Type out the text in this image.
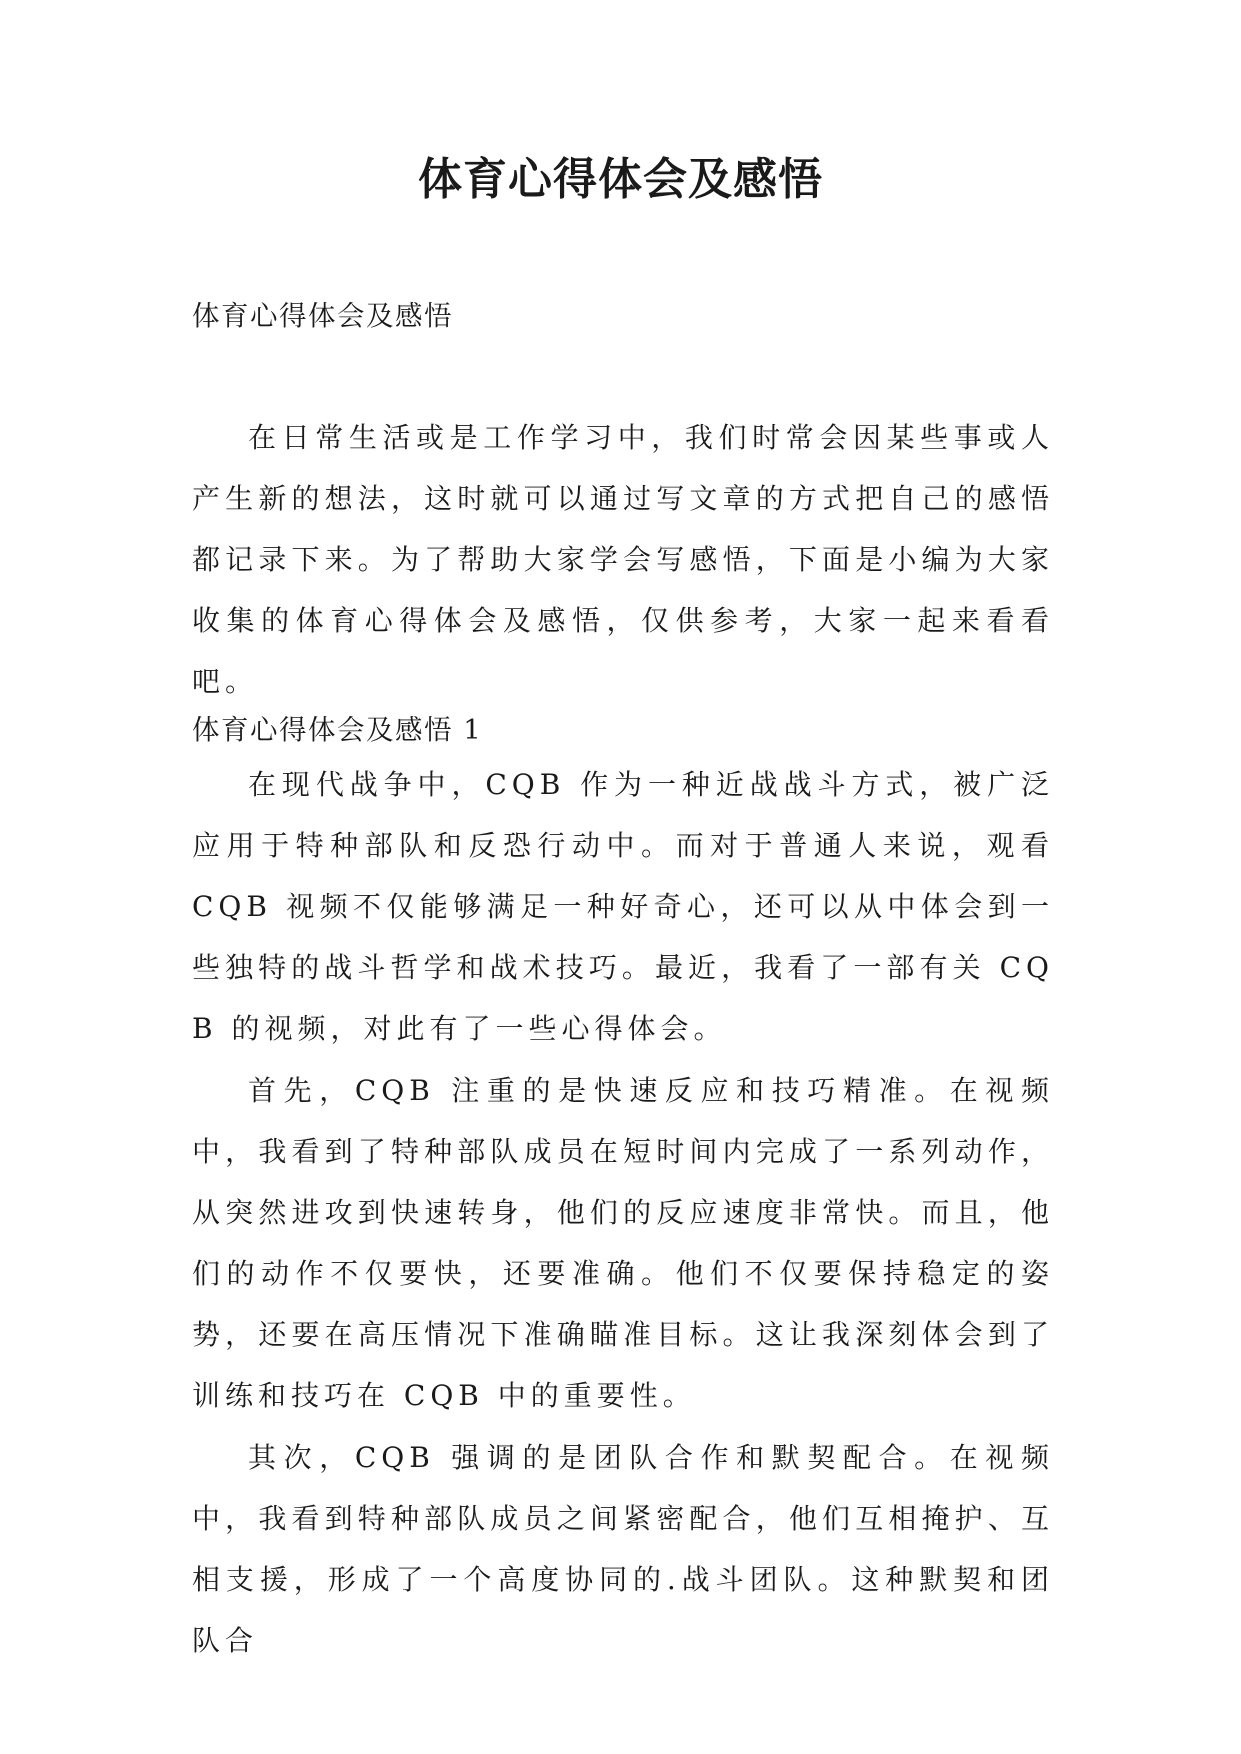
体育心得体会及感悟

体育心得体会及感悟

在日常生活或是工作学习中，我们时常会因某些事或人产生新的想法，这时就可以通过写文章的方式把自己的感悟都记录下来。为了帮助大家学会写感悟，下面是小编为大家收集的体育心得体会及感悟，仅供参考，大家一起来看看吧。

体育心得体会及感悟 1

在现代战争中，CQB 作为一种近战战斗方式，被广泛应用于特种部队和反恐行动中。而对于普通人来说，观看 CQB 视频不仅能够满足一种好奇心，还可以从中体会到一些独特的战斗哲学和战术技巧。最近，我看了一部有关 CQB 的视频，对此有了一些心得体会。

首先，CQB 注重的是快速反应和技巧精准。在视频中，我看到了特种部队成员在短时间内完成了一系列动作，从突然进攻到快速转身，他们的反应速度非常快。而且，他们的动作不仅要快，还要准确。他们不仅要保持稳定的姿势，还要在高压情况下准确瞄准目标。这让我深刻体会到了训练和技巧在 CQB 中的重要性。

其次，CQB 强调的是团队合作和默契配合。在视频中，我看到特种部队成员之间紧密配合，他们互相掩护、互相支援，形成了一个高度协同的.战斗团队。这种默契和团队合
